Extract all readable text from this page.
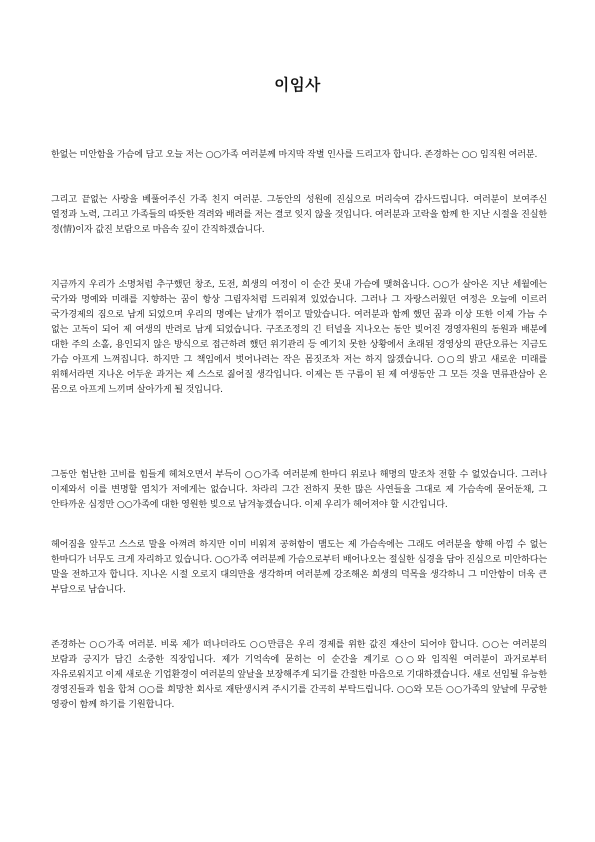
이임사

한없는 미안함을 가슴에 담고 오늘 저는 ○○가족 여러분께 마지막 작별 인사를 드리고자 합니다. 존경하는 ○○ 임직원 여러분.

그리고 끝없는 사랑을 베풀어주신 가족 친지 여러분. 그동안의 성원에 진심으로 머리숙여 감사드립니다. 여러분이 보여주신 열정과 노력, 그리고 가족들의 따뜻한 격려와 배려를 저는 결코 잊지 않을 것입니다. 여러분과 고락을 함께 한 지난 시절을 진실한 정(情)이자 값진 보람으로 마음속 깊이 간직하겠습니다.

지금까지 우리가 소명처럼 추구했던 창조, 도전, 희생의 여정이 이 순간 못내 가슴에 맺혀옵니다. ○○가 살아온 지난 세월에는 국가와 명예와 미래를 지향하는 꿈이 항상 그림자처럼 드리워져 있었습니다. 그러나 그 자랑스러웠던 여정은 오늘에 이르러 국가경제의 짐으로 남게 되었으며 우리의 명예는 날개가 꺾이고 말았습니다. 여러분과 함께 했던 꿈과 이상 또한 이제 가늠 수 없는 고독이 되어 제 여생의 반려로 남게 되었습니다. 구조조정의 긴 터널을 지나오는 동안 빚어진 경영자원의 동원과 배분에 대한 주의 소홀, 용인되지 않은 방식으로 접근하려 했던 위기관리 등 예기치 못한 상황에서 초래된 경영상의 판단오류는 지금도 가슴 아프게 느껴집니다. 하지만 그 책임에서 벗어나려는 작은 몸짓조차 저는 하지 않겠습니다. ○○의 밝고 새로운 미래를 위해서라면 지나온 어두운 과거는 제 스스로 짊어질 생각입니다. 이제는 뜬 구름이 된 제 여생동안 그 모든 것을 면류관삼아 온 몸으로 아프게 느끼며 살아가게 될 것입니다.

그동안 험난한 고비를 힘들게 헤쳐오면서 부득이 ○○가족 여러분께 한마디 위로나 해명의 말조차 전할 수 없었습니다. 그러나 이제와서 이를 변명할 염치가 저에게는 없습니다. 차라리 그간 전하지 못한 많은 사연들을 그대로 제 가슴속에 묻어둔채, 그 안타까운 심정만 ○○가족에 대한 영원한 빚으로 남겨놓겠습니다. 이제 우리가 헤어져야 할 시간입니다.

헤어짐을 앞두고 스스로 말을 아껴려 하지만 이미 비워져 공허함이 맴도는 제 가슴속에는 그래도 여러분을 향해 아낌 수 없는 한마디가 너무도 크게 자리하고 있습니다. ○○가족 여러분께 가슴으로부터 배어나오는 절실한 심경을 담아 진심으로 미안하다는 말을 전하고자 합니다. 지나온 시절 오로지 대의만을 생각하며 여러분께 강조해온 희생의 덕목을 생각하니 그 미안함이 더욱 큰 부담으로 남습니다.

존경하는 ○○가족 여러분. 비록 제가 떠나더라도 ○○만큼은 우리 경제를 위한 값진 재산이 되어야 합니다. ○○는 여러분의 보람과 긍지가 담긴 소중한 직장입니다. 제가 기억속에 묻히는 이 순간을 계기로 ○○와 임직원 여러분이 과거로부터 자유로워지고 이제 새로운 기업환경이 여러분의 앞날을 보장해주게 되기를 간절한 마음으로 기대하겠습니다. 새로 선임될 유능한 경영진들과 힘을 합쳐 ○○를 희망찬 회사로 재탄생시켜 주시기를 간곡히 부탁드립니다. ○○와 모든 ○○가족의 앞날에 무궁한 영광이 함께 하기를 기원합니다.
